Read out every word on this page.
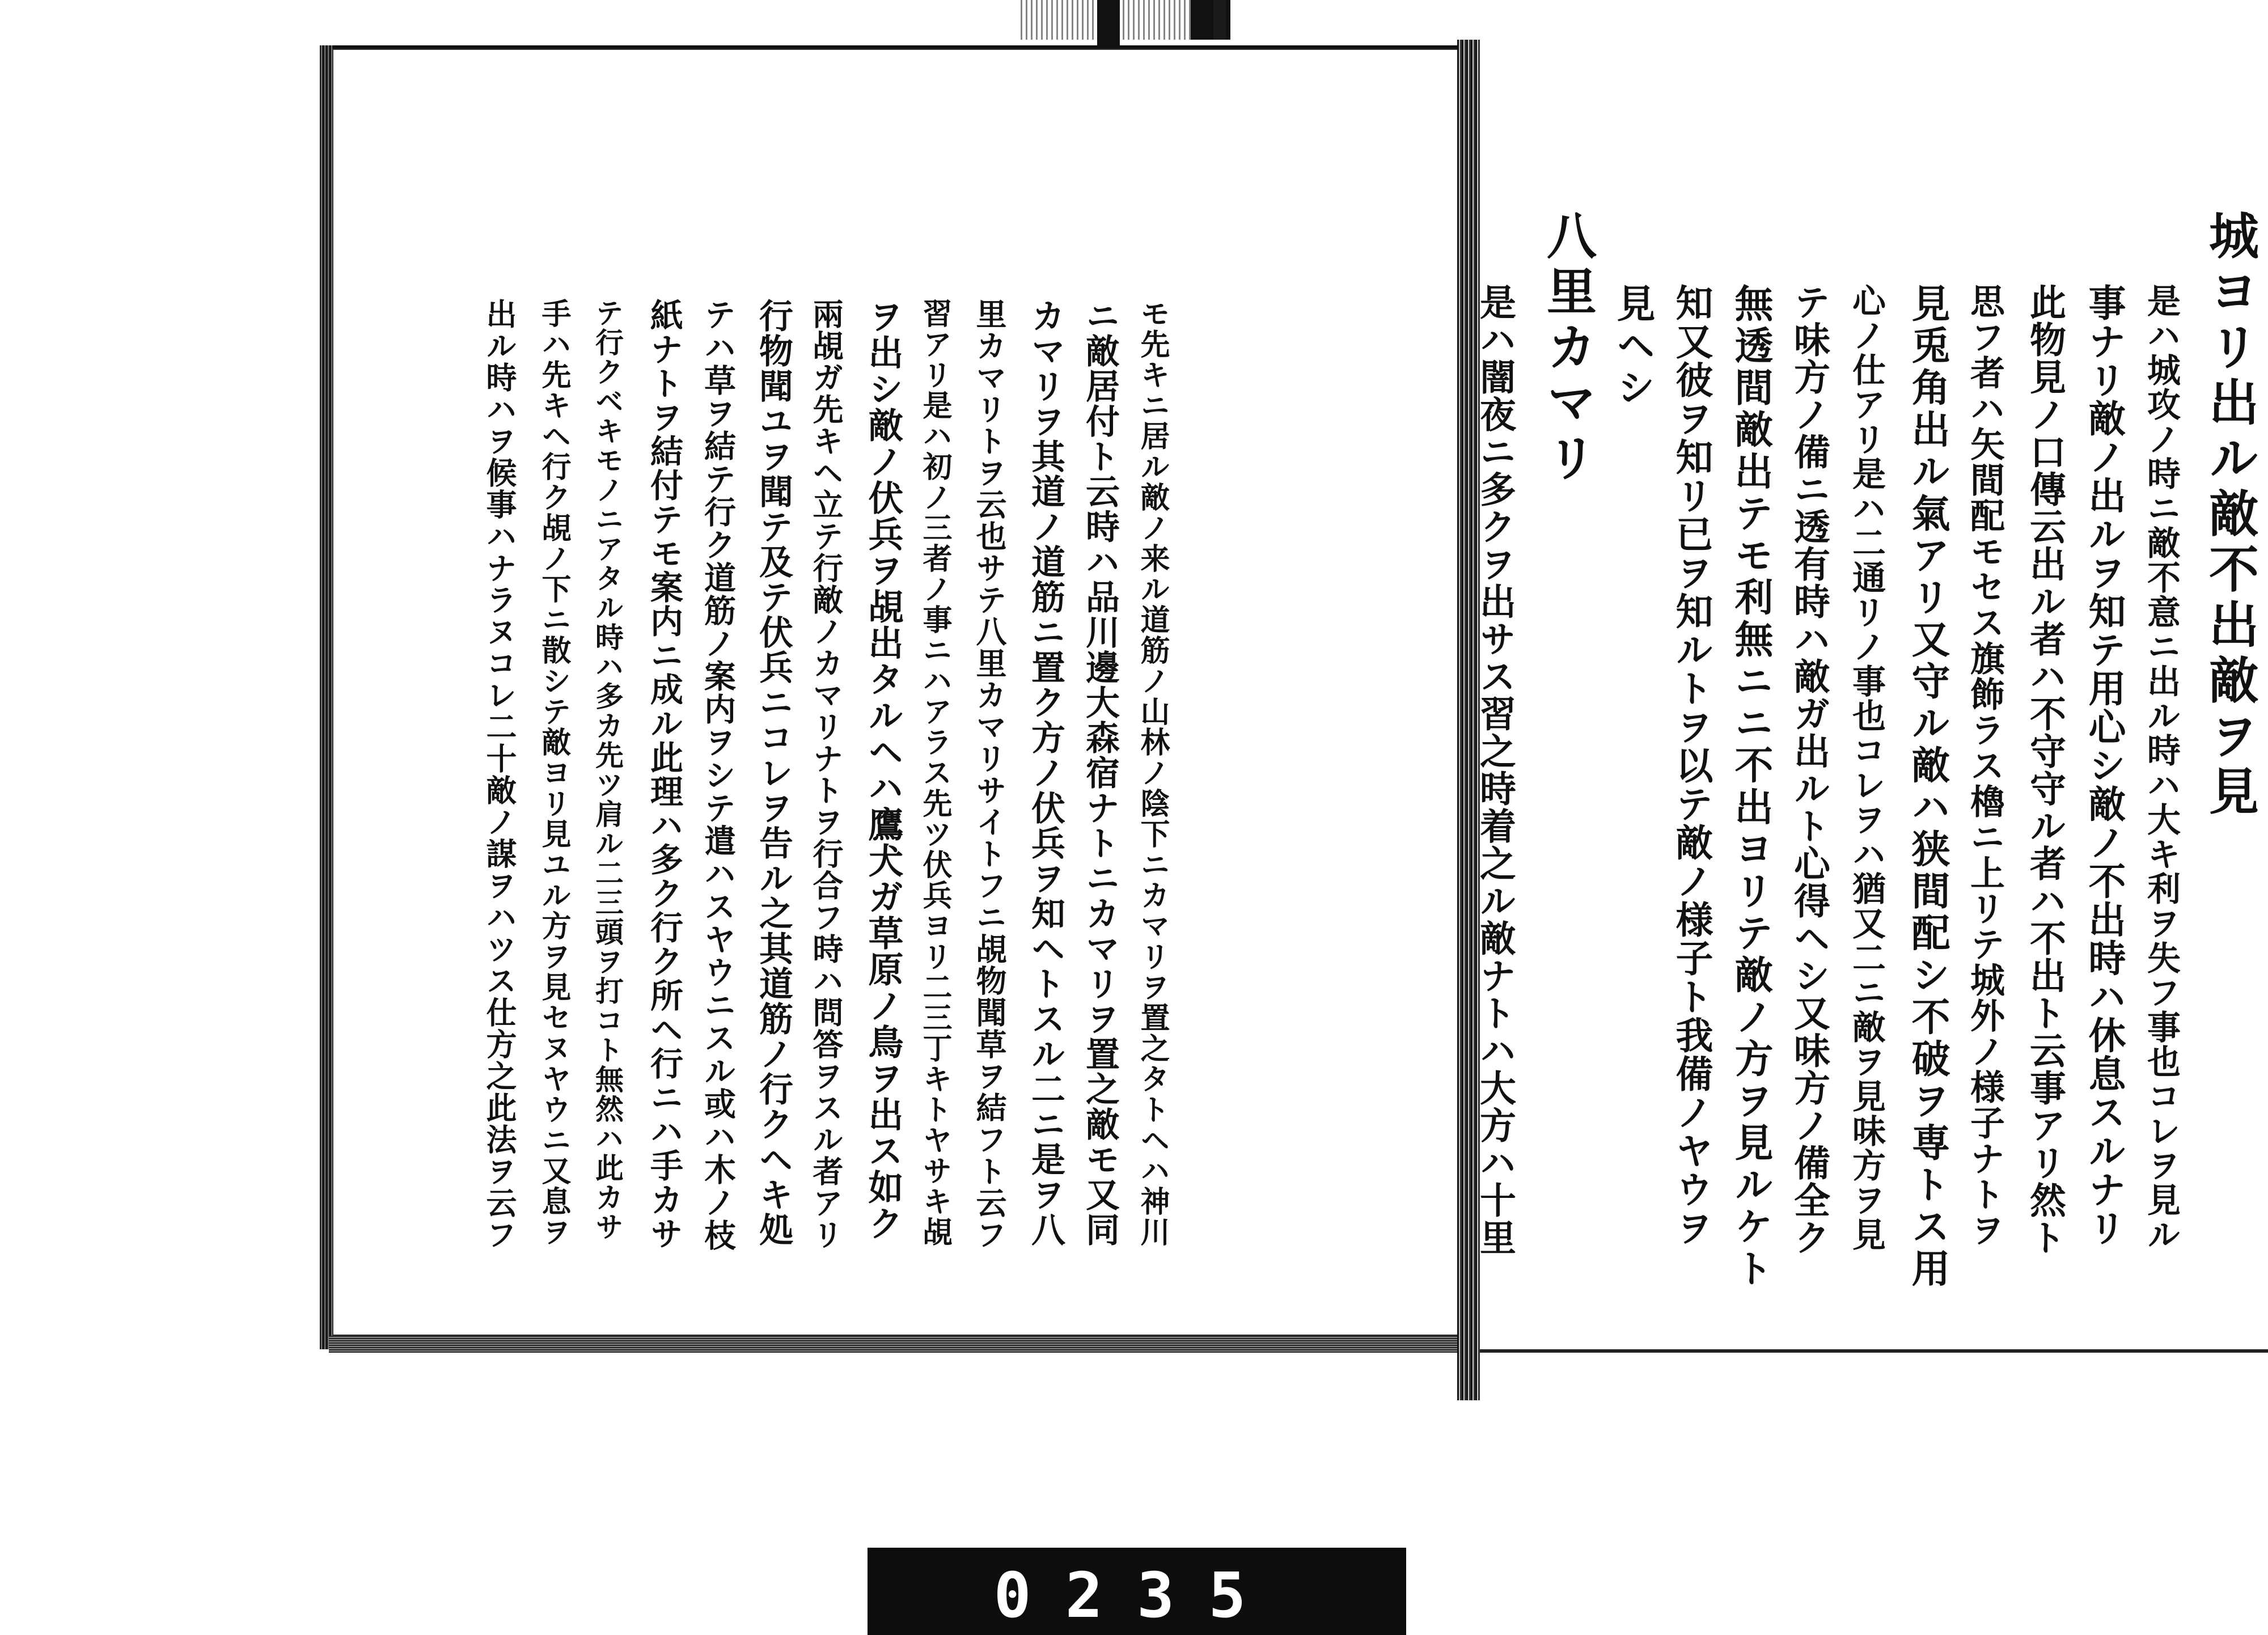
モ先キニ居ル敵ノ来ル道筋ノ山林ノ陰下ニカマリヲ置之タトヘハ神川
ニ敵居付ト云時ハ品川邊大森宿ナトニカマリヲ置之敵モ又同
カマリヲ其道ノ道筋ニ置ク方ノ伏兵ヲ知ヘトスル二ニ是ヲ八
里カマリトヲ云也サテ八里カマリサイトフニ覘物聞草ヲ結フト云フ
習アリ是ハ初ノ三者ノ事ニハアラス先ツ伏兵ヨリ二三丁キトヤサキ覘
ヲ出シ敵ノ伏兵ヲ覘出タルヘハ鷹犬ガ草原ノ鳥ヲ出ス如ク
兩覘ガ先キヘ立テ行敵ノカマリナトヲ行合フ時ハ問答ヲスル者アリ
行物聞ユヲ聞テ及テ伏兵ニコレヲ告ル之其道筋ノ行クヘキ処
テハ草ヲ結テ行ク道筋ノ案内ヲシテ遣ハスヤウニスル或ハ木ノ枝
紙ナトヲ結付テモ案内ニ成ル此理ハ多ク行ク所ヘ行ニハ手カサ
テ行クベキモノニアタル時ハ多カ先ツ肩ル二三頭ヲ打コト無然ハ此カサ
手ハ先キヘ行ク覘ノ下ニ散シテ敵ヨリ見ユル方ヲ見セヌヤウニ又息ヲ
出ル時ハヲ候事ハナラヌコレ二十敵ノ謀ヲハツス仕方之此法ヲ云フ	城ヨリ出ル敵不出敵ヲ見
是ハ城攻ノ時ニ敵不意ニ出ル時ハ大キ利ヲ失フ事也コレヲ見ル
事ナリ敵ノ出ルヲ知テ用心シ敵ノ不出時ハ休息スルナリ
此物見ノ口傳云出ル者ハ不守守ル者ハ不出ト云事アリ然ト
思フ者ハ矢間配モセス旗飾ラス櫓ニ上リテ城外ノ様子ナトヲ
見兎角出ル氣アリ又守ル敵ハ狭間配シ不破ヲ専トス用
心ノ仕アリ是ハ二通リノ事也コレヲハ猶又二ニ敵ヲ見味方ヲ見
テ味方ノ備ニ透有時ハ敵ガ出ルト心得ヘシ又味方ノ備全ク
無透間敵出テモ利無ニニ不出ヨリテ敵ノ方ヲ見ルケト
知又彼ヲ知リ已ヲ知ルトヲ以テ敵ノ様子ト我備ノヤウヲ
見ヘシ
八里カマリ
是ハ闇夜ニ多クヲ出サス習之時着之ル敵ナトハ大方ハ十里
0235
